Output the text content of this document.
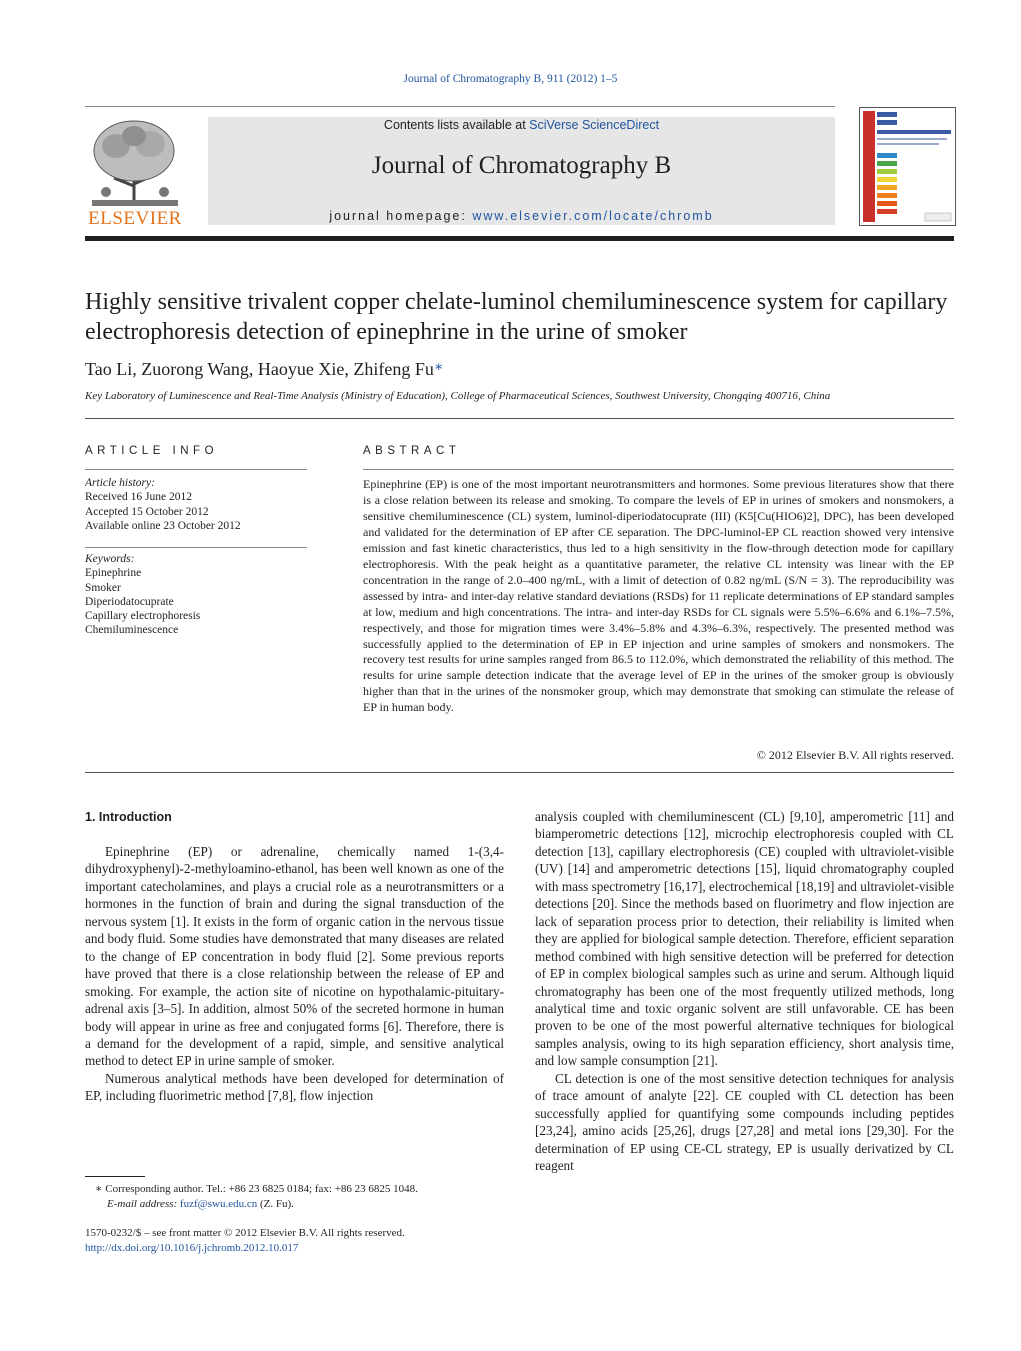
Journal of Chromatography B, 911 (2012) 1–5
ELSEVIER
Contents lists available at SciVerse ScienceDirect
Journal of Chromatography B
journal homepage: www.elsevier.com/locate/chromb
Highly sensitive trivalent copper chelate-luminol chemiluminescence system for capillary electrophoresis detection of epinephrine in the urine of smoker
Tao Li, Zuorong Wang, Haoyue Xie, Zhifeng Fu∗
Key Laboratory of Luminescence and Real-Time Analysis (Ministry of Education), College of Pharmaceutical Sciences, Southwest University, Chongqing 400716, China
ARTICLE INFO
Article history:
Received 16 June 2012
Accepted 15 October 2012
Available online 23 October 2012
Keywords:
Epinephrine
Smoker
Diperiodatocuprate
Capillary electrophoresis
Chemiluminescence
ABSTRACT
Epinephrine (EP) is one of the most important neurotransmitters and hormones. Some previous literatures show that there is a close relation between its release and smoking. To compare the levels of EP in urines of smokers and nonsmokers, a sensitive chemiluminescence (CL) system, luminol-diperiodatocuprate (III) (K5[Cu(HIO6)2], DPC), has been developed and validated for the determination of EP after CE separation. The DPC-luminol-EP CL reaction showed very intensive emission and fast kinetic characteristics, thus led to a high sensitivity in the flow-through detection mode for capillary electrophoresis. With the peak height as a quantitative parameter, the relative CL intensity was linear with the EP concentration in the range of 2.0–400 ng/mL, with a limit of detection of 0.82 ng/mL (S/N = 3). The reproducibility was assessed by intra- and inter-day relative standard deviations (RSDs) for 11 replicate determinations of EP standard samples at low, medium and high concentrations. The intra- and inter-day RSDs for CL signals were 5.5%–6.6% and 6.1%–7.5%, respectively, and those for migration times were 3.4%–5.8% and 4.3%–6.3%, respectively. The presented method was successfully applied to the determination of EP in EP injection and urine samples of smokers and nonsmokers. The recovery test results for urine samples ranged from 86.5 to 112.0%, which demonstrated the reliability of this method. The results for urine sample detection indicate that the average level of EP in the urines of the smoker group is obviously higher than that in the urines of the nonsmoker group, which may demonstrate that smoking can stimulate the release of EP in human body.
© 2012 Elsevier B.V. All rights reserved.
1. Introduction

Epinephrine (EP) or adrenaline, chemically named 1-(3,4-dihydroxyphenyl)-2-methyloamino-ethanol, has been well known as one of the important catecholamines, and plays a crucial role as a neurotransmitters or a hormones in the function of brain and during the signal transduction of the nervous system [1]. It exists in the form of organic cation in the nervous tissue and body fluid. Some studies have demonstrated that many diseases are related to the change of EP concentration in body fluid [2]. Some previous reports have proved that there is a close relationship between the release of EP and smoking. For example, the action site of nicotine on hypothalamic-pituitary-adrenal axis [3–5]. In addition, almost 50% of the secreted hormone in human body will appear in urine as free and conjugated forms [6]. Therefore, there is a demand for the development of a rapid, simple, and sensitive analytical method to detect EP in urine sample of smoker.

Numerous analytical methods have been developed for determination of EP, including fluorimetric method [7,8], flow injection

analysis coupled with chemiluminescent (CL) [9,10], amperometric [11] and biamperometric detections [12], microchip electrophoresis coupled with CL detection [13], capillary electrophoresis (CE) coupled with ultraviolet-visible (UV) [14] and amperometric detections [15], liquid chromatography coupled with mass spectrometry [16,17], electrochemical [18,19] and ultraviolet-visible detections [20]. Since the methods based on fluorimetry and flow injection are lack of separation process prior to detection, their reliability is limited when they are applied for biological sample detection. Therefore, efficient separation method combined with high sensitive detection will be preferred for detection of EP in complex biological samples such as urine and serum. Although liquid chromatography has been one of the most frequently utilized methods, long analytical time and toxic organic solvent are still unfavorable. CE has been proven to be one of the most powerful alternative techniques for biological samples analysis, owing to its high separation efficiency, short analysis time, and low sample consumption [21].

CL detection is one of the most sensitive detection techniques for analysis of trace amount of analyte [22]. CE coupled with CL detection has been successfully applied for quantifying some compounds including peptides [23,24], amino acids [25,26], drugs [27,28] and metal ions [29,30]. For the determination of EP using CE-CL strategy, EP is usually derivatized by CL reagent

∗ Corresponding author. Tel.: +86 23 6825 0184; fax: +86 23 6825 1048.
E-mail address: fuzf@swu.edu.cn (Z. Fu).
1570-0232/$ – see front matter © 2012 Elsevier B.V. All rights reserved.
http://dx.doi.org/10.1016/j.jchromb.2012.10.017
